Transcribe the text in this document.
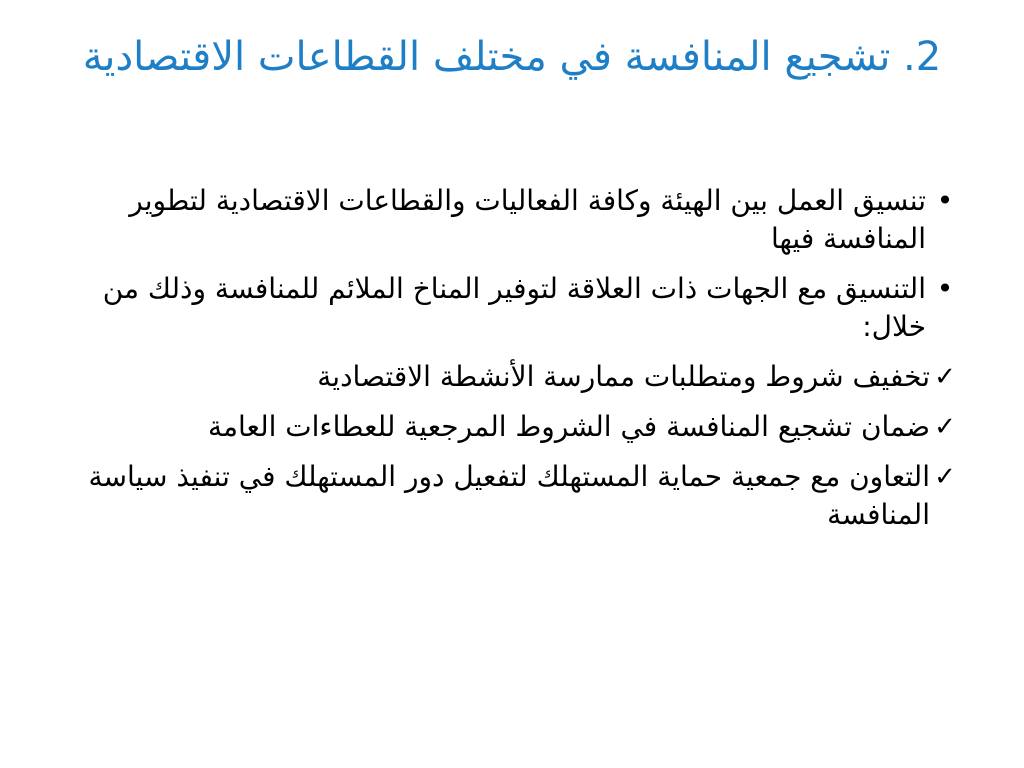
2. تشجيع المنافسة في مختلف القطاعات الاقتصادية
•
تنسيق العمل بين الهيئة وكافة الفعاليات والقطاعات الاقتصادية لتطوير المنافسة فيها
•
التنسيق مع الجهات ذات العلاقة لتوفير المناخ الملائم للمنافسة وذلك من خلال:
✓
تخفيف شروط ومتطلبات ممارسة الأنشطة الاقتصادية
✓
ضمان تشجيع المنافسة في الشروط المرجعية للعطاءات العامة
✓
التعاون مع جمعية حماية المستهلك لتفعيل دور المستهلك في تنفيذ سياسة المنافسة
